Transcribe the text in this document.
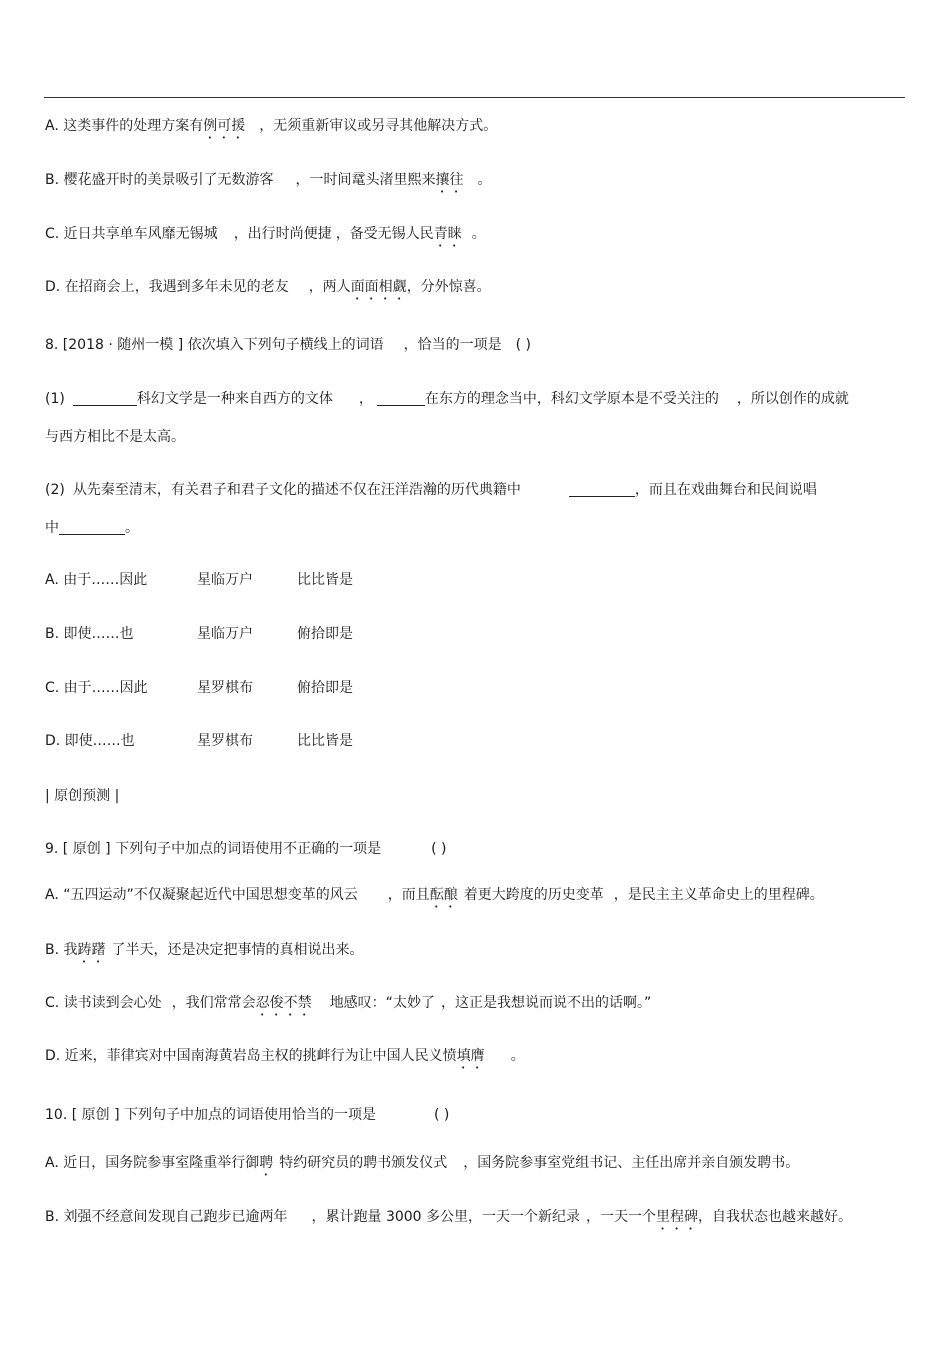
A. 这类事件的处理方案有例可援 ，无须重新审议或另寻其他解决方式。
B. 樱花盛开时的美景吸引了无数游客 ，一时间鼋头渚里熙来攘往 。
C. 近日共享单车风靡无锡城 ，出行时尚便捷 ，备受无锡人民青睐 。
D. 在招商会上，我遇到多年未见的老友 ，两人面面相觑，分外惊喜。
8. [2018 · 随州一模 ] 依次填入下列句子横线上的词语 ，恰当的一项是 ( )
(1)	科幻文学是一种来自西方的文体 ，	在东方的理念当中，科幻文学原本是不受关注的 ，所以创作的成就
与西方相比不是太高。
(2) 从先秦至清末，有关君子和君子文化的描述不仅在汪洋浩瀚的历代典籍中	，而且在戏曲舞台和民间说唱
中	。
A. 由于……因此	星临万户	比比皆是
B. 即使……也	星临万户	俯拾即是
C. 由于……因此	星罗棋布	俯拾即是
D. 即使……也	星罗棋布	比比皆是
| 原创预测 |
9. [ 原创 ] 下列句子中加点的词语使用不正确的一项是	( )
A. “五四运动”不仅凝聚起近代中国思想变革的风云 ，而且酝酿 着更大跨度的历史变革 ，是民主主义革命史上的里程碑。
B. 我踌躇 了半天，还是决定把事情的真相说出来。
C. 读书读到会心处 ，我们常常会忍俊不禁 地感叹：“太妙了 ，这正是我想说而说不出的话啊。”
D. 近来，菲律宾对中国南海黄岩岛主权的挑衅行为让中国人民义愤填膺 。
10. [ 原创 ] 下列句子中加点的词语使用恰当的一项是	( )
A. 近日，国务院参事室隆重举行御聘 特约研究员的聘书颁发仪式 ，国务院参事室党组书记、主任出席并亲自颁发聘书。
B. 刘强不经意间发现自己跑步已逾两年 ，累计跑量 3000 多公里，一天一个新纪录 ，一天一个里程碑，自我状态也越来越好。
